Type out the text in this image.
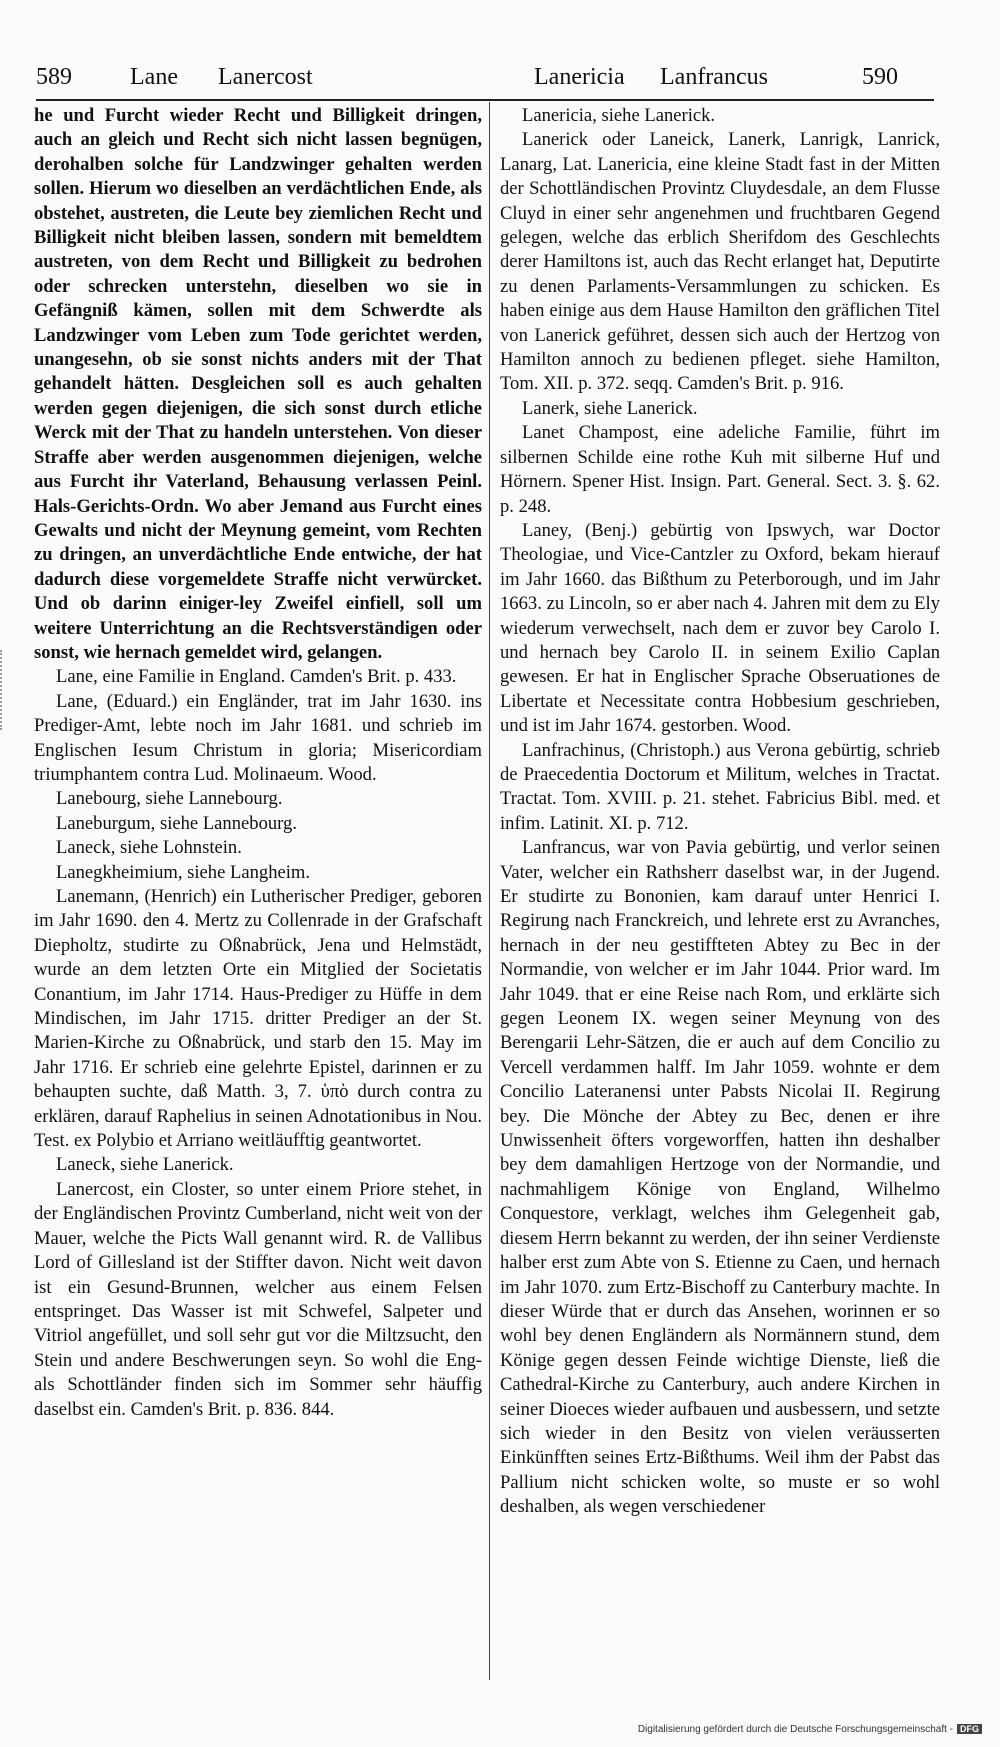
589 Lane Lanercost	Lanericia Lanfrancus	590

he und Furcht wieder Recht und Billigkeit dringen, auch an gleich und Recht sich nicht lassen begnügen, derohalben solche für Landzwinger gehalten werden sollen. Hierum wo dieselben an verdächtlichen Ende, als obstehet, austreten, die Leute bey ziemlichen Recht und Billigkeit nicht bleiben lassen, sondern mit bemeldtem austreten, von dem Recht und Billigkeit zu bedrohen oder schrecken unterstehn, dieselben wo sie in Gefängniß kämen, sollen mit dem Schwerdte als Landzwinger vom Leben zum Tode gerichtet werden, unangesehn, ob sie sonst nichts anders mit der That gehandelt hätten. Desgleichen soll es auch gehalten werden gegen diejenigen, die sich sonst durch etliche Werck mit der That zu handeln unterstehen. Von dieser Straffe aber werden ausgenommen diejenigen, welche aus Furcht ihr Vaterland, Behausung verlassen Peinl. Hals-Gerichts-Ordn. Wo aber Jemand aus Furcht eines Gewalts und nicht der Meynung gemeint, vom Rechten zu dringen, an unverdächtliche Ende entwiche, der hat dadurch diese vorgemeldete Straffe nicht verwürcket. Und ob darinn einiger-ley Zweifel einfiell, soll um weitere Unterrichtung an die Rechtsverständigen oder sonst, wie hernach gemeldet wird, gelangen.

Lane, eine Familie in England. Camden's Brit. p. 433.

Lane, (Eduard.) ein Engländer, trat im Jahr 1630. ins Prediger-Amt, lebte noch im Jahr 1681. und schrieb im Englischen Iesum Christum in gloria; Misericordiam triumphantem contra Lud. Molinaeum. Wood.

Lanebourg, siehe Lannebourg.

Laneburgum, siehe Lannebourg.

Laneck, siehe Lohnstein.

Lanegkheimium, siehe Langheim.

Lanemann, (Henrich) ein Lutherischer Prediger, geboren im Jahr 1690. den 4. Mertz zu Collenrade in der Grafschaft Diepholtz, studirte zu Oßnabrück, Jena und Helmstädt, wurde an dem letzten Orte ein Mitglied der Societatis Conantium, im Jahr 1714. Haus-Prediger zu Hüffe in dem Mindischen, im Jahr 1715. dritter Prediger an der St. Marien-Kirche zu Oßnabrück, und starb den 15. May im Jahr 1716. Er schrieb eine gelehrte Epistel, darinnen er zu behaupten suchte, daß Matth. 3, 7. ὑπὸ durch contra zu erklären, darauf Raphelius in seinen Adnotationibus in Nou. Test. ex Polybio et Arriano weitläufftig geantwortet.

Laneck, siehe Lanerick.

Lanercost, ein Closter, so unter einem Priore stehet, in der Engländischen Provintz Cumberland, nicht weit von der Mauer, welche the Picts Wall genannt wird. R. de Vallibus Lord of Gillesland ist der Stiffter davon. Nicht weit davon ist ein Gesund-Brunnen, welcher aus einem Felsen entspringet. Das Wasser ist mit Schwefel, Salpeter und Vitriol angefüllet, und soll sehr gut vor die Miltzsucht, den Stein und andere Beschwerungen seyn. So wohl die Eng- als Schottländer finden sich im Sommer sehr häuffig daselbst ein. Camden's Brit. p. 836. 844.

Lanericia, siehe Lanerick.

Lanerick oder Laneick, Lanerk, Lanrigk, Lanrick, Lanarg, Lat. Lanericia, eine kleine Stadt fast in der Mitten der Schottländischen Provintz Cluydesdale, an dem Flusse Cluyd in einer sehr angenehmen und fruchtbaren Gegend gelegen, welche das erblich Sherifdom des Geschlechts derer Hamiltons ist, auch das Recht erlanget hat, Deputirte zu denen Parlaments-Versammlungen zu schicken. Es haben einige aus dem Hause Hamilton den gräflichen Titel von Lanerick geführet, dessen sich auch der Hertzog von Hamilton annoch zu bedienen pfleget. siehe Hamilton, Tom. XII. p. 372. seqq. Camden's Brit. p. 916.

Lanerk, siehe Lanerick.

Lanet Champost, eine adeliche Familie, führt im silbernen Schilde eine rothe Kuh mit silberne Huf und Hörnern. Spener Hist. Insign. Part. General. Sect. 3. §. 62. p. 248.

Laney, (Benj.) gebürtig von Ipswych, war Doctor Theologiae, und Vice-Cantzler zu Oxford, bekam hierauf im Jahr 1660. das Bißthum zu Peterborough, und im Jahr 1663. zu Lincoln, so er aber nach 4. Jahren mit dem zu Ely wiederum verwechselt, nach dem er zuvor bey Carolo I. und hernach bey Carolo II. in seinem Exilio Caplan gewesen. Er hat in Englischer Sprache Obseruationes de Libertate et Necessitate contra Hobbesium geschrieben, und ist im Jahr 1674. gestorben. Wood.

Lanfrachinus, (Christoph.) aus Verona gebürtig, schrieb de Praecedentia Doctorum et Militum, welches in Tractat. Tractat. Tom. XVIII. p. 21. stehet. Fabricius Bibl. med. et infim. Latinit. XI. p. 712.

Lanfrancus, war von Pavia gebürtig, und verlor seinen Vater, welcher ein Rathsherr daselbst war, in der Jugend. Er studirte zu Bononien, kam darauf unter Henrici I. Regirung nach Franckreich, und lehrete erst zu Avranches, hernach in der neu gestiffteten Abtey zu Bec in der Normandie, von welcher er im Jahr 1044. Prior ward. Im Jahr 1049. that er eine Reise nach Rom, und erklärte sich gegen Leonem IX. wegen seiner Meynung von des Berengarii Lehr-Sätzen, die er auch auf dem Concilio zu Vercell verdammen halff. Im Jahr 1059. wohnte er dem Concilio Lateranensi unter Pabsts Nicolai II. Regirung bey. Die Mönche der Abtey zu Bec, denen er ihre Unwissenheit öfters vorgeworffen, hatten ihn deshalber bey dem damahligen Hertzoge von der Normandie, und nachmahligem Könige von England, Wilhelmo Conquestore, verklagt, welches ihm Gelegenheit gab, diesem Herrn bekannt zu werden, der ihn seiner Verdienste halber erst zum Abte von S. Etienne zu Caen, und hernach im Jahr 1070. zum Ertz-Bischoff zu Canterbury machte. In dieser Würde that er durch das Ansehen, worinnen er so wohl bey denen Engländern als Normännern stund, dem Könige gegen dessen Feinde wichtige Dienste, ließ die Cathedral-Kirche zu Canterbury, auch andere Kirchen in seiner Dioeces wieder aufbauen und ausbessern, und setzte sich wieder in den Besitz von vielen veräusserten Einkünfften seines Ertz-Bißthums. Weil ihm der Pabst das Pallium nicht schicken wolte, so muste er so wohl deshalben, als wegen verschiedener

Digitalisierung gefördert durch die Deutsche Forschungsgemeinschaft - DFG
